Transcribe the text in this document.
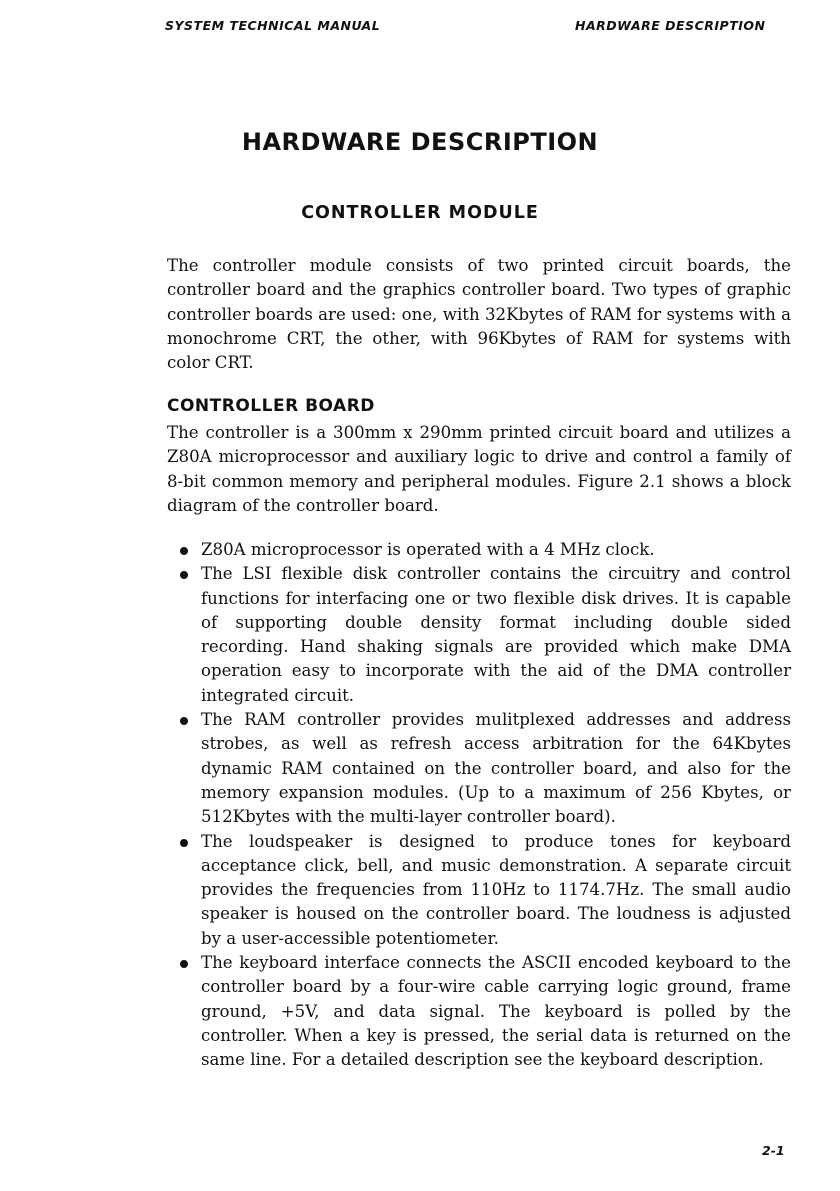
SYSTEM TECHNICAL MANUAL	HARDWARE DESCRIPTION
HARDWARE DESCRIPTION
CONTROLLER MODULE

The controller module consists of two printed circuit boards, the controller board and the graphics controller board. Two types of graphic controller boards are used: one, with 32Kbytes of RAM for systems with a monochrome CRT, the other, with 96Kbytes of RAM for systems with color CRT.

CONTROLLER BOARD

The controller is a 300mm x 290mm printed circuit board and utilizes a Z80A microprocessor and auxiliary logic to drive and control a family of 8-bit common memory and peripheral modules. Figure 2.1 shows a block diagram of the controller board.

Z80A microprocessor is operated with a 4 MHz clock.
The LSI flexible disk controller contains the circuitry and control functions for interfacing one or two flexible disk drives. It is capable of supporting double density format including double sided recording. Hand shaking signals are provided which make DMA operation easy to incorporate with the aid of the DMA controller integrated circuit.
The RAM controller provides mulitplexed addresses and address strobes, as well as refresh access arbitration for the 64Kbytes dynamic RAM contained on the controller board, and also for the memory expansion modules. (Up to a maximum of 256 Kbytes, or 512Kbytes with the multi-layer controller board).
The loudspeaker is designed to produce tones for keyboard acceptance click, bell, and music demonstration. A separate circuit provides the frequencies from 110Hz to 1174.7Hz. The small audio speaker is housed on the controller board. The loudness is adjusted by a user-accessible potentiometer.
The keyboard interface connects the ASCII encoded keyboard to the controller board by a four-wire cable carrying logic ground, frame ground, +5V, and data signal. The keyboard is polled by the controller. When a key is pressed, the serial data is returned on the same line. For a detailed description see the keyboard description.
2-1
